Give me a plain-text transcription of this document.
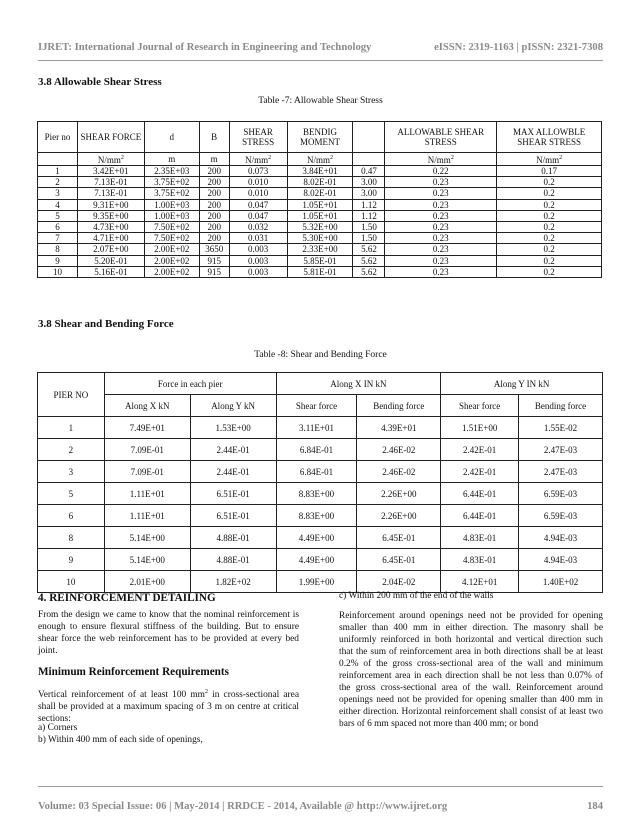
IJRET: International Journal of Research in Engineering and Technology	eISSN: 2319-1163 | pISSN: 2321-7308
3.8 Allowable Shear Stress
Table -7: Allowable Shear Stress
Pier no	SHEAR FORCE	d	B	SHEAR STRESS	BENDIG MOMENT		ALLOWABLE SHEAR STRESS	MAX ALLOWBLE SHEAR STRESS
	$N/mm^2$	m	m	$N/mm^2$	$N/mm^2$		$N/mm^2$	$N/mm^2$
1	3.42E+01	2.35E+03	200	0.073	3.84E+01	0.47	0.22	0.17
2	7.13E-01	3.75E+02	200	0.010	8.02E-01	3.00	0.23	0.2
3	7.13E-01	3.75E+02	200	0.010	8.02E-01	3.00	0.23	0.2
4	9.31E+00	1.00E+03	200	0.047	1.05E+01	1.12	0.23	0.2
5	9.35E+00	1.00E+03	200	0.047	1.05E+01	1.12	0.23	0.2
6	4.73E+00	7.50E+02	200	0.032	5.32E+00	1.50	0.23	0.2
7	4.71E+00	7.50E+02	200	0.031	5.30E+00	1.50	0.23	0.2
8	2.07E+00	2.00E+02	3650	0.003	2.33E+00	5.62	0.23	0.2
9	5.20E-01	2.00E+02	915	0.003	5.85E-01	5.62	0.23	0.2
10	5.16E-01	2.00E+02	915	0.003	5.81E-01	5.62	0.23	0.2
3.8 Shear and Bending Force
Table -8: Shear and Bending Force
PIER NO	Force in each pier		Along X IN kN		Along Y IN kN	
	Along X kN	Along Y kN	Shear force	Bending force	Shear force	Bending force
1	7.49E+01	1.53E+00	3.11E+01	4.39E+01	1.51E+00	1.55E-02
2	7.09E-01	2.44E-01	6.84E-01	2.46E-02	2.42E-01	2.47E-03
3	7.09E-01	2.44E-01	6.84E-01	2.46E-02	2.42E-01	2.47E-03
5	1.11E+01	6.51E-01	8.83E+00	2.26E+00	6.44E-01	6.59E-03
6	1.11E+01	6.51E-01	8.83E+00	2.26E+00	6.44E-01	6.59E-03
8	5.14E+00	4.88E-01	4.49E+00	6.45E-01	4.83E-01	4.94E-03
9	5.14E+00	4.88E-01	4.49E+00	6.45E-01	4.83E-01	4.94E-03
10	2.01E+00	1.82E+02	1.99E+00	2.04E-02	4.12E+01	1.40E+02
4. REINFORCEMENT DETAILING
From the design we came to know that the nominal reinforcement is enough to ensure flexural stiffness of the building. But to ensure shear force the web reinforcement has to be provided at every bed joint.
Minimum Reinforcement Requirements
Vertical reinforcement of at least 100 $mm^2$ in cross-sectional area shall be provided at a maximum spacing of 3 m on centre at critical sections:
a) Corners
b) Within 400 mm of each side of openings,
c) Within 200 mm of the end of the walls
Reinforcement around openings need not be provided for opening smaller than 400 mm in either direction. The masonry shall be uniformly reinforced in both horizontal and vertical direction such that the sum of reinforcement area in both directions shall be at least 0.2% of the gross cross-sectional area of the wall and minimum reinforcement area in each direction shall be not less than 0.07% of the gross cross-sectional area of the wall. Reinforcement around openings need not be provided for opening smaller than 400 mm in either direction. Horizontal reinforcement shall consist of at least two bars of 6 mm spaced not more than 400 mm; or bond
Volume: 03 Special Issue: 06 | May-2014 | RRDCE - 2014, Available @ http://www.ijret.org	184
